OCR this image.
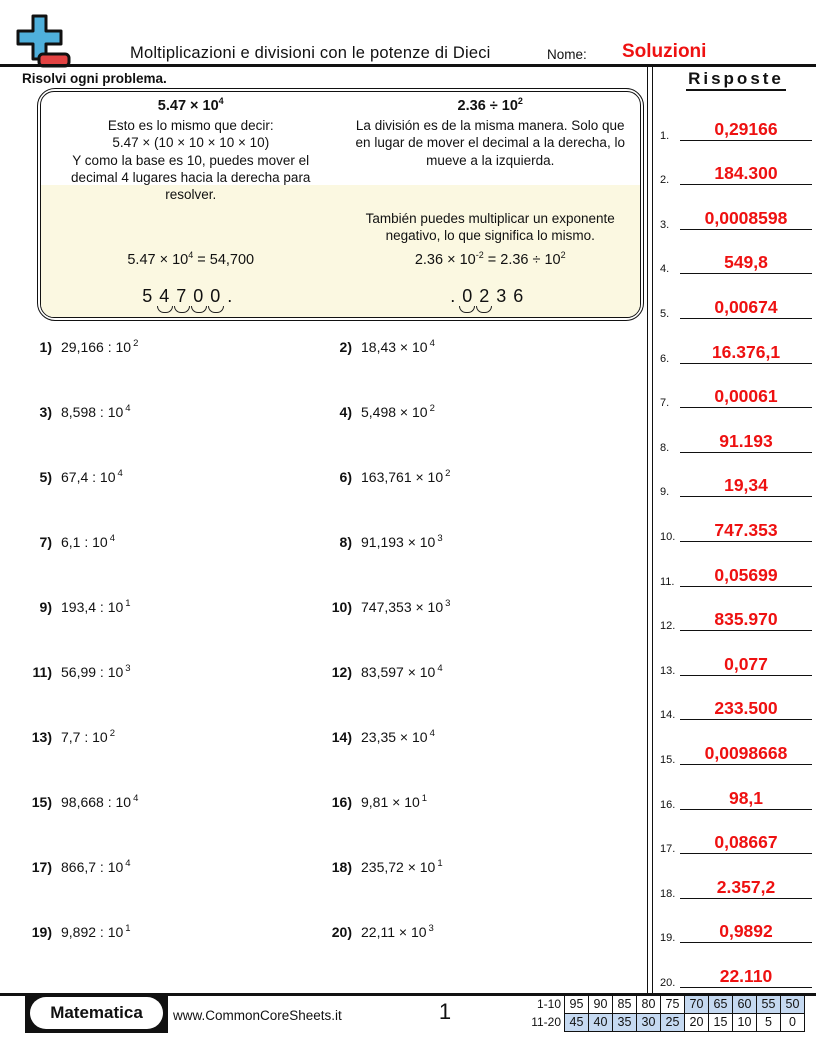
Moltiplicazioni e divisioni con le potenze di Dieci	Nome: Soluzioni
Risolvi ogni problema.
$5.47 \times 10^4$
Esto es lo mismo que decir:
5.47 × (10 × 10 × 10 × 10)
Y como la base es 10, puedes mover el decimal 4 lugares hacia la derecha para resolver.
$2.36 \div 10^2$
La división es de la misma manera. Solo que en lugar de mover el decimal a la derecha, lo mueve a la izquierda.
También puedes multiplicar un exponente negativo, lo que significa lo mismo.
$5.47 \times 10^4 = 54,700$	$2.36 \times 10^{-2} = 2.36 \div 10^2$
54700.	.0236
1) 29,166 : 10 $^2$	2) 18,43 × 10 $^4$
3) 8,598 : 10 $^4$	4) 5,498 × 10 $^2$
5) 67,4 : 10 $^4$	6) 163,761 × 10 $^2$
7) 6,1 : 10 $^4$	8) 91,193 × 10 $^3$
9) 193,4 : 10 $^1$	10) 747,353 × 10 $^3$
11) 56,99 : 10 $^3$	12) 83,597 × 10 $^4$
13) 7,7 : 10 $^2$	14) 23,35 × 10 $^4$
15) 98,668 : 10 $^4$	16) 9,81 × 10 $^1$
17) 866,7 : 10 $^4$	18) 235,72 × 10 $^1$
19) 9,892 : 10 $^1$	20) 22,11 × 10 $^3$
Risposte
1.	0,29166
2.	184.300
3.	0,0008598
4.	549,8
5.	0,00674
6.	16.376,1
7.	0,00061
8.	91.193
9.	19,34
10.	747.353
11.	0,05699
12.	835.970
13.	0,077
14.	233.500
15.	0,0098668
16.	98,1
17.	0,08667
18.	2.357,2
19.	0,9892
20.	22.110
Matematica	www.CommonCoreSheets.it	1	1-10 95 90 85 80 75 70 65 60 55 50
11-20 45 40 35 30 25 20 15 10	5	0
